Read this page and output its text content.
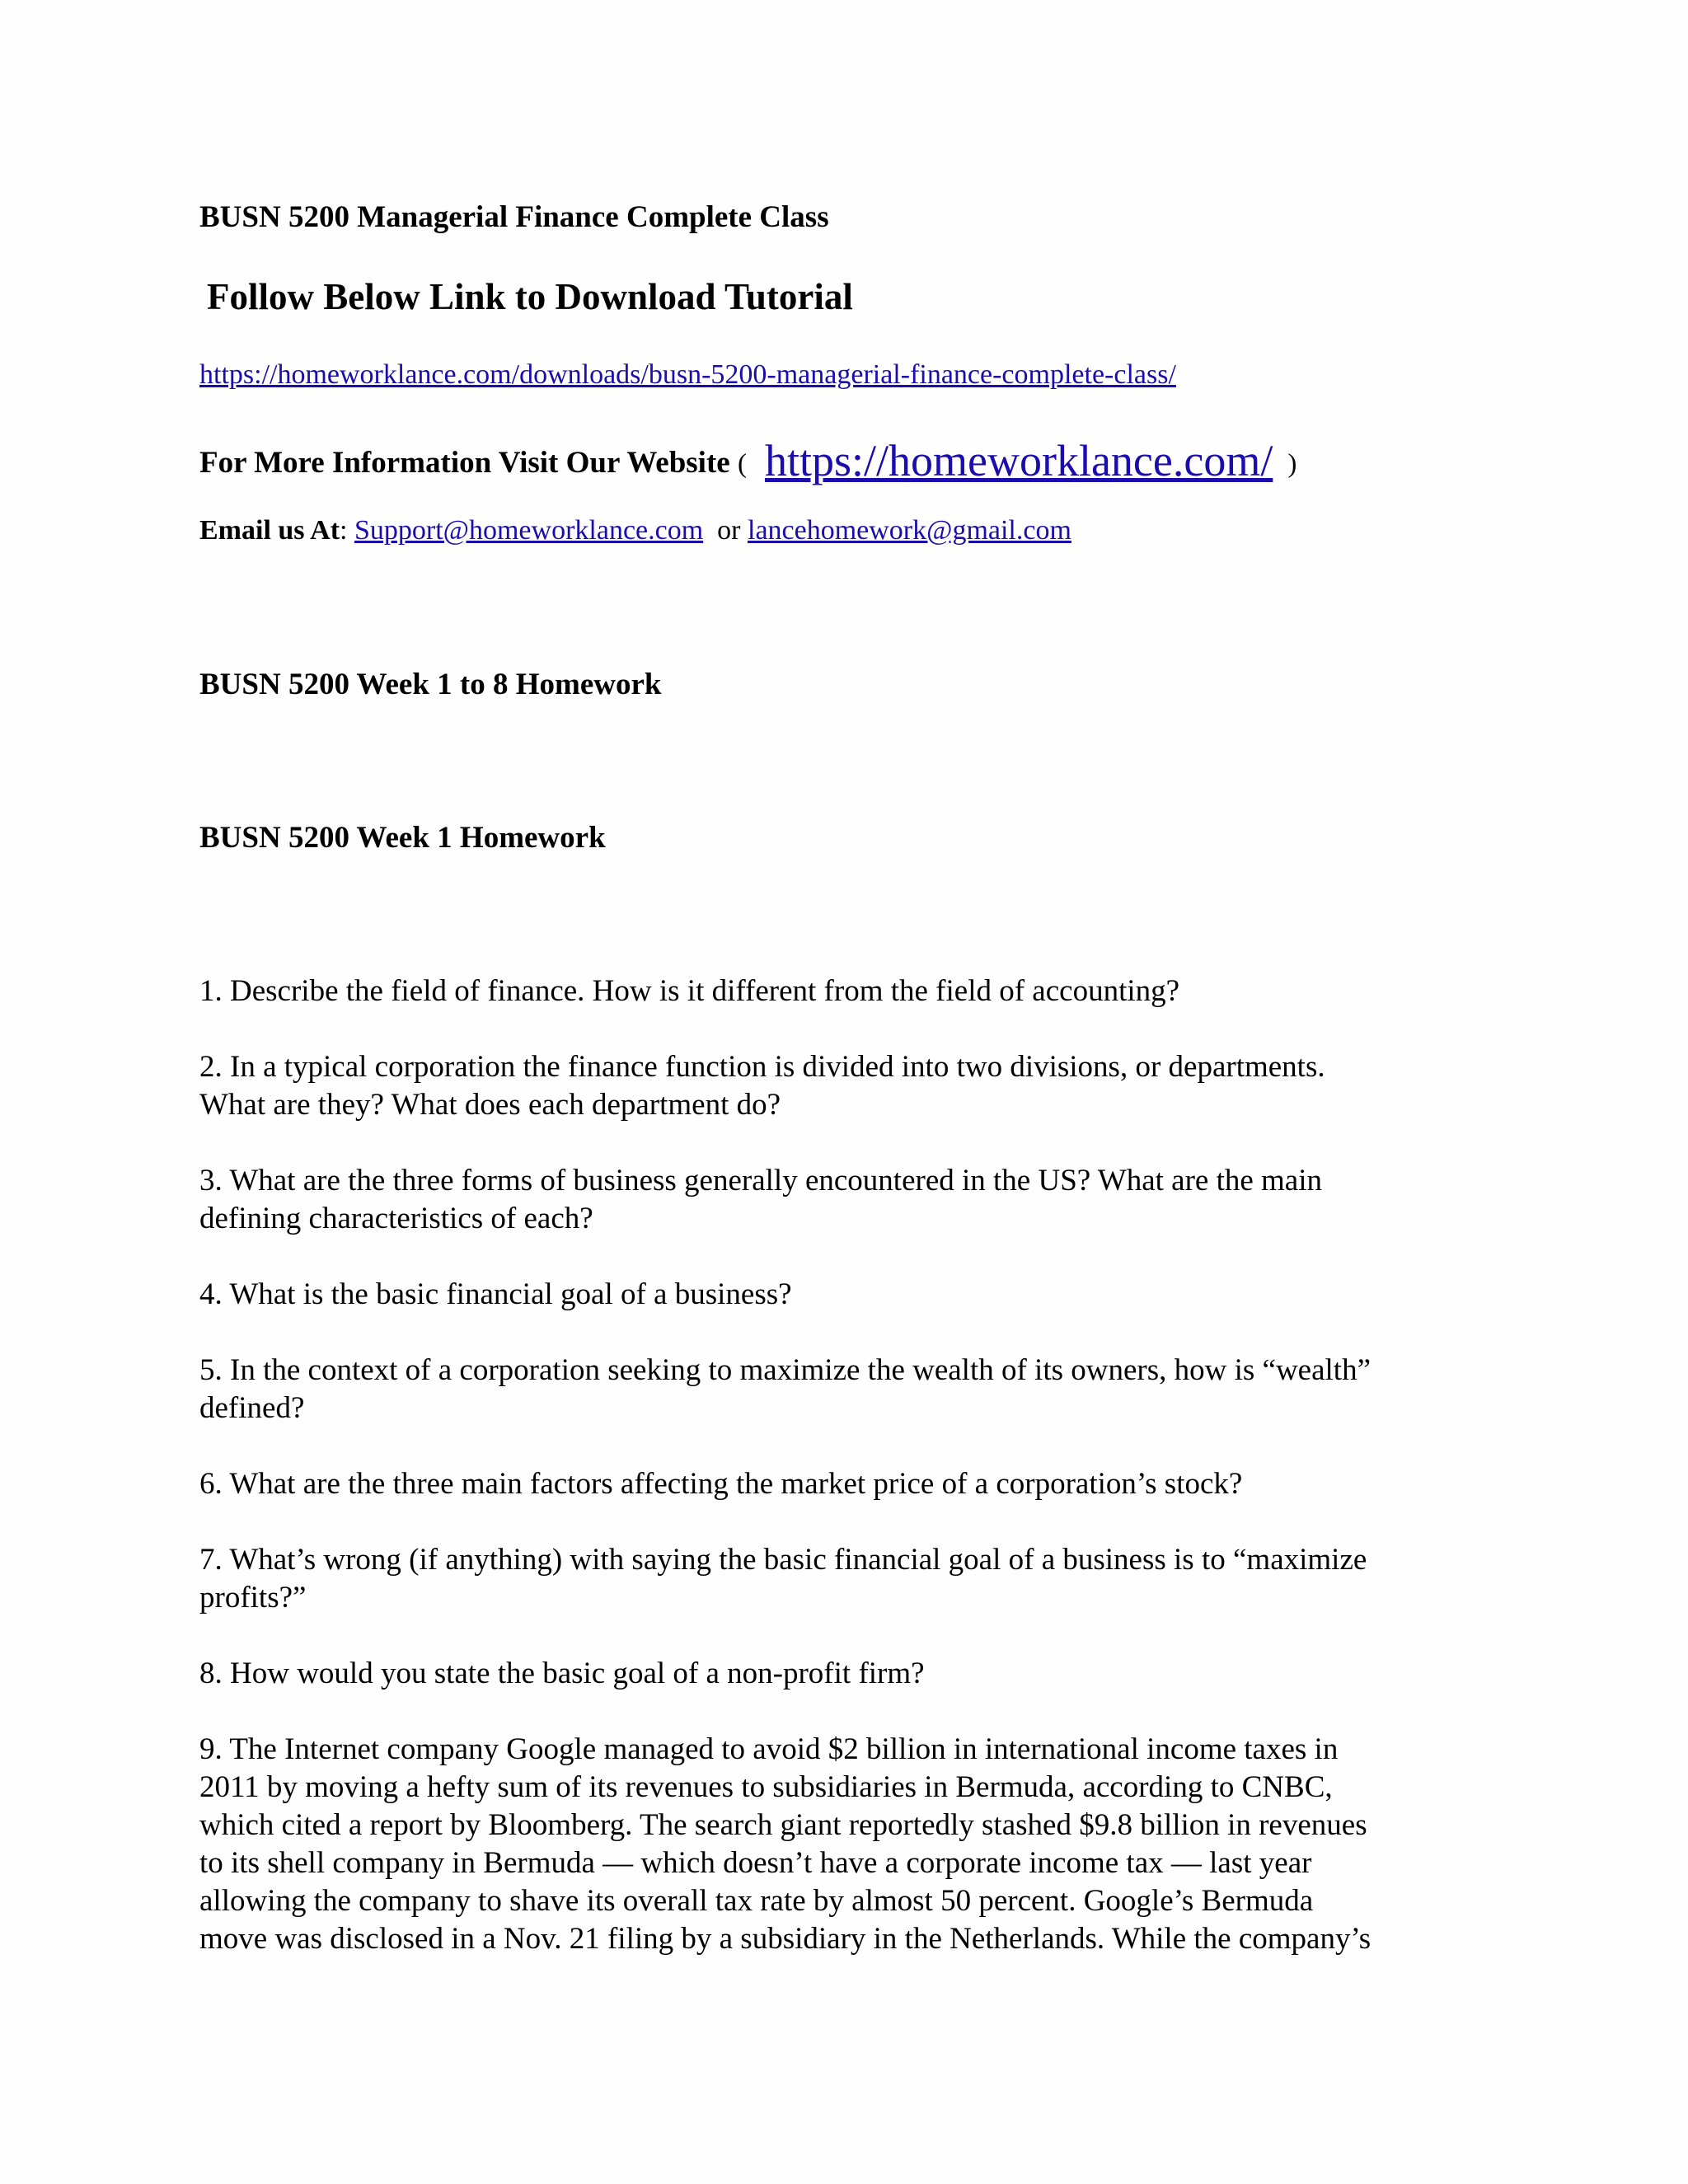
BUSN 5200 Managerial Finance Complete Class
Follow Below Link to Download Tutorial
https://homeworklance.com/downloads/busn-5200-managerial-finance-complete-class/
For More Information Visit Our Website ( https://homeworklance.com/ )
Email us At: Support@homeworklance.com or lancehomework@gmail.com
BUSN 5200 Week 1 to 8 Homework
BUSN 5200 Week 1 Homework
1. Describe the field of finance. How is it different from the field of accounting?
2. In a typical corporation the finance function is divided into two divisions, or departments.
What are they? What does each department do?
3. What are the three forms of business generally encountered in the US? What are the main
defining characteristics of each?
4. What is the basic financial goal of a business?
5. In the context of a corporation seeking to maximize the wealth of its owners, how is “wealth”
defined?
6. What are the three main factors affecting the market price of a corporation’s stock?
7. What’s wrong (if anything) with saying the basic financial goal of a business is to “maximize
profits?”
8. How would you state the basic goal of a non-profit firm?
9. The Internet company Google managed to avoid $2 billion in international income taxes in
2011 by moving a hefty sum of its revenues to subsidiaries in Bermuda, according to CNBC,
which cited a report by Bloomberg. The search giant reportedly stashed $9.8 billion in revenues
to its shell company in Bermuda — which doesn’t have a corporate income tax — last year
allowing the company to shave its overall tax rate by almost 50 percent. Google’s Bermuda
move was disclosed in a Nov. 21 filing by a subsidiary in the Netherlands. While the company’s
